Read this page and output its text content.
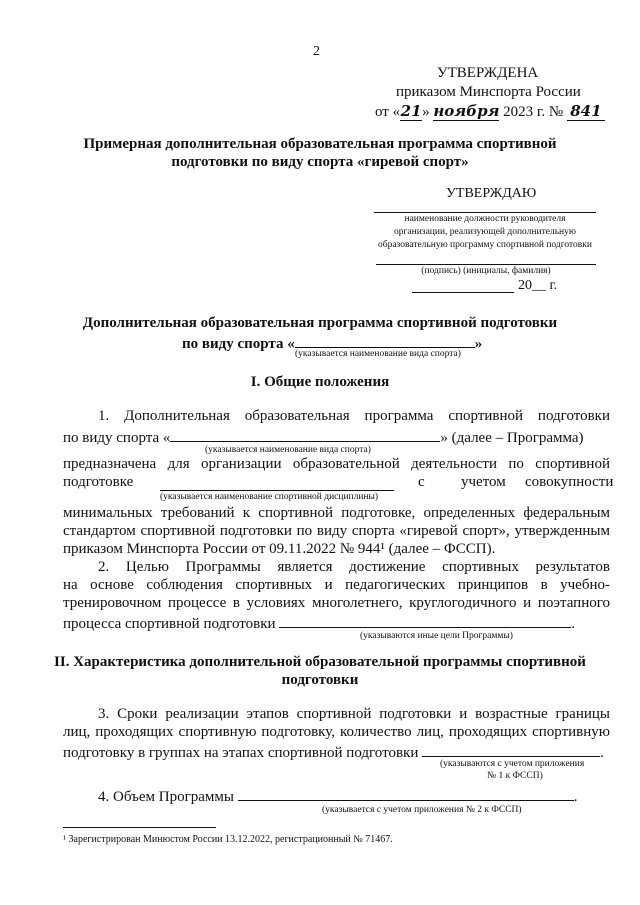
2
УТВЕРЖДЕНА
приказом Минспорта России
от «21» ноября 2023 г. № 841
Примерная дополнительная образовательная программа спортивной
подготовки по виду спорта «гиревой спорт»
УТВЕРЖДАЮ
наименование должности руководителя
организации, реализующей дополнительную
образовательную программу спортивной подготовки
(подпись) (инициалы, фамилия)
20__ г.
Дополнительная образовательная программа спортивной подготовки
по виду спорта «	»
(указывается наименование вида спорта)
I. Общие положения
1. Дополнительная образовательная программа спортивной подготовки
по виду спорта «	» (далее – Программа)
(указывается наименование вида спорта)
предназначена для организации образовательной деятельности по спортивной
подготовке	с учетом совокупности
(указывается наименование спортивной дисциплины)
минимальных требований к спортивной подготовке, определенных федеральным
стандартом спортивной подготовки по виду спорта «гиревой спорт», утвержденным
приказом Минспорта России от 09.11.2022 № 944¹ (далее – ФССП).
2. Целью Программы является достижение спортивных результатов
на основе соблюдения спортивных и педагогических принципов в учебно-
тренировочном процессе в условиях многолетнего, круглогодичного и поэтапного
процесса спортивной подготовки	.
(указываются иные цели Программы)
II. Характеристика дополнительной образовательной программы спортивной
подготовки
3. Сроки реализации этапов спортивной подготовки и возрастные границы
лиц, проходящих спортивную подготовку, количество лиц, проходящих спортивную
подготовку в группах на этапах спортивной подготовки	.
(указываются с учетом приложения
№ 1 к ФССП)
4. Объем Программы	.
(указывается с учетом приложения № 2 к ФССП)
¹ Зарегистрирован Минюстом России 13.12.2022, регистрационный № 71467.
